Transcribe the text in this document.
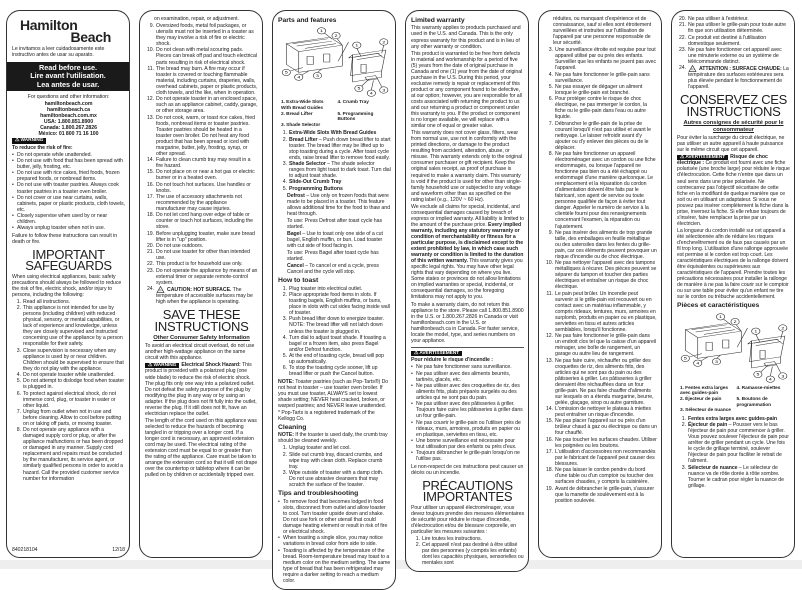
Hamilton
Beach
Le invitamos a leer cuidadosamente este instructivo antes de usar su aparato.
Read before use.
Lire avant l'utilisation.
Lea antes de usar.
For questions and other information:
hamiltonbeach.com
hamiltonbeach.ca
hamiltonbeach.com.mx
USA: 1.800.851.8900
Canada: 1.800.267.2826
México: 01 800 71 16 100
⚠ WARNING
To reduce the risk of fire:
• Do not operate while unattended.
• Do not use with food that has been spread with butter, jelly, frosting, etc.
• Do not use with rice cakes, fried foods, frozen prepared foods, or nonbread items.
• Do not use with toaster pastries. Always cook toaster pastries in a toaster oven broiler.
• Do not cover or use near curtains, walls, cabinets, paper or plastic products, cloth towels, etc.
• Closely supervise when used by or near children.
• Always unplug toaster when not in use.
Failure to follow these instructions can result in death or fire.
IMPORTANT SAFEGUARDS
When using electrical appliances, basic safety precautions should always be followed to reduce the risk of fire, electric shock, and/or injury to persons, including the following:
1. Read all instructions.
2. This appliance is not intended for use by persons (including children) with reduced physical, sensory, or mental capabilities, or lack of experience and knowledge, unless they are closely supervised and instructed concerning use of the appliance by a person responsible for their safety.
3. Close supervision is necessary when any appliance is used by or near children. Children should be supervised to ensure that they do not play with the appliance.
4. Do not operate toaster while unattended.
5. Do not attempt to dislodge food when toaster is plugged in.
6. To protect against electrical shock, do not immerse cord, plug, or toaster in water or other liquid.
7. Unplug from outlet when not in use and before cleaning. Allow to cool before putting on or taking off parts, or moving toaster.
8. Do not operate any appliance with a damaged supply cord or plug, or after the appliance malfunctions or has been dropped or damaged in any manner. Supply cord replacement and repairs must be conducted by the manufacturer, its service agent, or similarly qualified persons in order to avoid a hazard. Call the provided customer service number for information
840218104	12/18
on examination, repair, or adjustment.
9. Oversized foods, metal foil packages, or utensils must not be inserted in a toaster as they may involve a risk of fire or electric shock.
10. Do not clean with metal scouring pads. Pieces can break off pad and touch electrical parts resulting in risk of electrical shock.
11. The bread may burn. A fire may occur if toaster is covered or touching flammable material, including curtains, draperies, walls, overhead cabinets, paper or plastic products, cloth towels, and the like, when in operation.
12. Do not operate toaster in an enclosed space, such as an appliance cabinet, caddy, garage, or other storage area.
13. Do not cook, warm, or toast rice cakes, fried foods, nonbread items or toaster pastries. Toaster pastries should be heated in a toaster oven broiler. Do not heat any food product that has been spread or iced with margarine, butter, jelly, frosting, syrup, or other spread.
14. Failure to clean crumb tray may result in a fire hazard.
15. Do not place on or near a hot gas or electric burner or in a heated oven.
16. Do not touch hot surfaces. Use handles or knobs.
17. The use of accessory attachments not recommended by the appliance manufacturer may cause injuries.
18. Do not let cord hang over edge of table or counter or touch hot surfaces, including the stove.
19. Before unplugging toaster, make sure bread lifter is in "up" position.
20. Do not use outdoors.
21. Do not use toaster for other than intended use.
22. This product is for household use only.
23. Do not operate the appliance by means of an external timer or separate remote-control system.
24.	CAUTION: HOT SURFACE. The temperature of accessible surfaces may be high when the appliance is operating.
SAVE THESE INSTRUCTIONS
Other Consumer Safety Information
To avoid an electrical circuit overload, do not use another high-wattage appliance on the same circuit with this appliance.
⚠ WARNING Electrical Shock Hazard: This product is provided with a polarized plug (one wide blade) to reduce the risk of electric shock. The plug fits only one way into a polarized outlet. Do not defeat the safety purpose of the plug by modifying the plug in any way or by using an adapter. If the plug does not fit fully into the outlet, reverse the plug. If it still does not fit, have an electrician replace the outlet.
The length of the cord used on this appliance was selected to reduce the hazards of becoming tangled in or tripping over a longer cord. If a longer cord is necessary, an approved extension cord may be used. The electrical rating of the extension cord must be equal to or greater than the rating of the appliance. Care must be taken to arrange the extension cord so that it will not drape over the countertop or tabletop where it can be pulled on by children or accidentally tripped over.
Parts and features
1
2
5
4	3
1
2
5
4
3
1. Extra-Wide Slots With Bread Guides
4. Crumb Tray
2. Bread Lifter	5. Programming Buttons
3. Shade Selector
1. Extra-Wide Slots With Bread Guides
2. Bread Lifter – Push down bread lifter to start toaster. The bread lifter may be lifted up to stop toasting during a cycle. After toast cycle ends, raise bread lifter to remove food easily.
3. Shade Selector – The shade selector ranges from light toast to dark toast. Turn dial to adjust toast shade.
4. Slide-Out Crumb Tray
5. Programming Buttons
Defrost – Use only on frozen foods that were made to be placed in a toaster. This feature allows additional time for the food to thaw and heat through.
To use: Press Defrost after toast cycle has started.
Bagel – Use to toast only one side of a cut bagel, English muffin, or bun. Load toaster with cut side of food facing in.
To use: Press Bagel after toast cycle has started.
Cancel – To cancel or end a cycle, press Cancel and the cycle will stop.
How to toast
1. Plug toaster into electrical outlet.
2. Place appropriate food items in slots. If toasting bagels, English muffins, or buns, place in slots with cut sides facing inside wall of toaster.
3. Push bread lifter down to energize toaster. NOTE: The bread lifter will not latch down unless the toaster is plugged in.
4. Turn dial to adjust toast shade. If toasting a bagel or a frozen item, also press Bagel and/or Defrost function.
5. At the end of toasting cycle, bread will pop up automatically.
6. To stop the toasting cycle sooner, lift up bread lifter or push the Cancel button.
NOTE: Toaster pastries (such as Pop-Tarts®) Do not heat in toaster – use toaster oven broiler. If you must use toaster, ALWAYS set to lowest shade setting; NEVER heat cracked, broken, or warped pastries; and NEVER leave unattended.
* Pop-Tarts is a registered trademark of the Kellogg Co.
Cleaning
NOTE: If the toaster is used daily, the crumb tray should be cleaned weekly.
1. Unplug toaster and let cool.
2. Slide out crumb tray, discard crumbs, and wipe tray with clean cloth. Replace crumb tray.
3. Wipe outside of toaster with a damp cloth. Do not use abrasive cleansers that may scratch the surface of the toaster.
Tips and troubleshooting
• To remove food that becomes lodged in food slots, disconnect from outlet and allow toaster to cool. Turn toaster upside down and shake. Do not use fork or other utensil that could damage heating element or result in risk of fire or electrical shock.
• When toasting a single slice, you may notice variations in bread color from side to side.
• Toasting is affected by the temperature of the bread. Room-temperature bread may toast to a medium color on the medium setting. The same type of bread that has been refrigerated may require a darker setting to reach a medium color.
Limited warranty
This warranty applies to products purchased and used in the U.S. and Canada. This is the only express warranty for this product and is in lieu of any other warranty or condition.
This product is warranted to be free from defects in material and workmanship for a period of five (5) years from the date of original purchase in Canada and one (1) year from the date of original purchase in the U.S. During this period, your exclusive remedy is repair or replacement of this product or any component found to be defective, at our option; however, you are responsible for all costs associated with returning the product to us and our returning a product or component under this warranty to you. If the product or component is no longer available, we will replace with a similar one of equal or greater value.
This warranty does not cover glass, filters, wear from normal use, use not in conformity with the printed directions, or damage to the product resulting from accident, alteration, abuse, or misuse. This warranty extends only to the original consumer purchaser or gift recipient. Keep the original sales receipt, as proof of purchase is required to make a warranty claim. This warranty is void if the product is used for other than single-family household use or subjected to any voltage and waveform other than as specified on the rating label (e.g., 120V ~ 60 Hz).
We exclude all claims for special, incidental, and consequential damages caused by breach of express or implied warranty. All liability is limited to the amount of the purchase price. Every implied warranty, including any statutory warranty or condition of merchantability or fitness for a particular purpose, is disclaimed except to the extent prohibited by law, in which case such warranty or condition is limited to the duration of this written warranty. This warranty gives you specific legal rights. You may have other legal rights that vary depending on where you live. Some states or provinces do not allow limitations on implied warranties or special, incidental, or consequential damages, so the foregoing limitations may not apply to you.
To make a warranty claim, do not return this appliance to the store. Please call 1.800.851.8900 in the U.S. or 1.800.267.2826 in Canada or visit hamiltonbeach.com in the U.S. or hamiltonbeach.ca in Canada. For faster service, locate the model, type, and series numbers on your appliance.
⚠ AVERTISSEMENT
Pour réduire le risque d'incendie :
• Ne pas faire fonctionner sans surveillance.
• Ne pas utiliser avec des aliments beurrés, tartinés, glacés, etc.
• Ne pas utiliser avec des croquettes de riz, des aliments frits, plats préparés surgelés ou des articles qui ne sont pas du pain.
• Ne pas utiliser avec des pâtisseries à griller. Toujours faire cuire les pâtisseries à griller dans un four grille-pain.
• Ne pas couvrir le grille-pain ou l'utiliser près de rideaux, murs, armoires, produits en papier ou en plastique, serviettes en tissu, etc.
• Une bonne surveillance est nécessaire pour tout utilisation par des enfants ou près d'eux.
• Toujours débrancher le grille-pain lorsqu'on ne l'utilise pas.
Le non-respect de ces instructions peut causer un décès ou un incendie.
PRÉCAUTIONS IMPORTANTES
Pour utiliser un appareil électroménager, vous devez toujours prendre des mesures élémentaires de sécurité pour réduire le risque d'incendie, d'électrocution et/ou de blessure corporelle, en particulier les mesures suivantes :
1. Lire toutes les instructions.
2. Cet appareil n'est pas destiné à être utilisé par des personnes (y compris les enfants) dont les capacités physiques, sensorielles ou mentales sont
réduites, ou manquant d'expérience et de connaissance, sauf si elles sont étroitement surveillées et instruites sur l'utilisation de l'appareil par une personne responsable de leur sécurité.
3. Une surveillance étroite est requise pour tout appareil utilisé par ou près des enfants. Surveiller que les enfants ne jouent pas avec l'appareil.
4. Ne pas faire fonctionner le grille-pain sans surveillance.
5. Ne pas essayer de dégager un aliment lorsque le grille-pain est branché.
6. Pour protéger contre le risque de choc électrique, ne pas immerger le cordon, la fiche ou le grille-pain dans l'eau ou autre liquide.
7. Débrancher le grille-pain de la prise de courant lorsqu'il n'est pas utilisé et avant le nettoyage. Le laisser refroidir avant d'y ajouter ou d'y enlever des pièces ou de le déplacer.
8. Ne pas faire fonctionner un appareil électroménager avec un cordon ou une fiche endommagés, ou lorsque l'appareil ne fonctionne pas bien ou a été échappé ou endommagé d'une manière quelconque. Le remplacement et la réparation du cordon d'alimentation doivent être faits par le fabricant, son agent de service ou toute personne qualifiée de façon à éviter tout danger. Appeler le numéro de service à la clientèle fourni pour des renseignements concernant l'examen, la réparation ou l'ajustement.
9. Ne pas insérer des aliments de trop grande taille, des emballages en feuille métallique ou des ustensiles dans les fentes du grille-pain, car ces éléments peuvent provoquer un risque d'incendie ou de choc électrique.
10. Ne pas nettoyer l'appareil avec des tampons métalliques à récurer. Des pièces peuvent se séparer du tampon et toucher des parties électriques et entraîner un risque de choc électrique.
11. Le pain peut brûler. Un incendie peut survenir si le grille-pain est recouvert ou en contact avec un matériau inflammable, y compris rideaux, tentures, murs, armoires en surplomb, produits en papier ou en plastique, serviettes en tissu et autres articles semblables, lorsqu'il fonctionne.
12. Ne pas faire fonctionner le grille-pain dans un endroit clos tel que la caisse d'un appareil ménager, une boîte de rangement, un garage ou autre lieu de rangement.
13. Ne pas faire cuire, réchauffer ou griller des croquettes de riz, des aliments frits, des articles qui ne sont pas du pain ou des pâtisseries à griller. Les pâtisseries à griller devraient être réchauffées dans un four grille-pain. Ne pas faire chauffer d'aliments sur lesquels on a étendu margarine, beurre, gelée, glaçage, sirop ou autre garniture.
14. L'omission de nettoyer le plateau à miettes peut entraîner un risque d'incendie.
15. Ne pas placer l'appareil sur ou près d'un brûleur chaud à gaz ou électrique ou dans un four chauffé.
16. Ne pas toucher les surfaces chaudes. Utiliser les poignées ou les boutons.
17. L'utilisation d'accessoires non recommandés par le fabricant de l'appareil peut causer des blessures.
18. Ne pas laisser le cordon pendre du bord d'une table ou d'un comptoir ou toucher des surfaces chaudes, y compris la cuisinière.
19. Avant de débrancher le grille-pain, s'assurer que la manette de soulèvement est à la position soulevée.
20. Ne pas utiliser à l'extérieur.
21. Ne pas utiliser le grille-pain pour toute autre fin que son utilisation déterminée.
22. Ce produit est destiné à l'utilisation domestique seulement.
23. Ne pas faire fonctionner cet appareil avec une minuterie externe ou un système de télécommande distinct.
24.	ATTENTION : SURFACE CHAUDE: La température des surfaces extérieures sera plus élevée pendant le fonctionnement de l'appareil.
CONSERVEZ CES INSTRUCTIONS
Autres consignes de sécurité pour le consommateur
Pour éviter la surcharge du circuit électrique, ne pas utiliser un autre appareil à haute puissance sur le même circuit que cet appareil.
⚠ AVERTISSEMENT Risque de choc électrique : Ce produit est fourni avec une fiche polarisée (une broche large) pour réduire le risque d'électrocution. Cette fiche n'entre que dans un seul sens dans une prise polarisée. Ne contrecarrez pas l'objectif sécuritaire de cette fiche en la modifiant de quelque manière que ce soit ou en utilisant un adaptateur. Si vous ne pouvez pas insérer complètement la fiche dans la prise, inversez la fiche. Si elle refuse toujours de s'insérer, faire remplacer la prise par un électricien.
La longueur du cordon installé sur cet appareil a été sélectionnée afin de réduire les risques d'enchevêtrement ou de faux pas causés par un fil trop long. L'utilisation d'une rallonge approuvée est permise si le cordon est trop court. Les caractéristiques électriques de la rallonge doivent être équivalentes ou supérieures aux caractéristiques de l'appareil. Prendre toutes les précautions nécessaires pour installer la rallonge de manière à ne pas la faire courir sur le comptoir ou sur une table pour éviter qu'un enfant ne tire sur le cordon ou trébuche accidentellement.
Pièces et caractéristiques
1
2
5
4	3
1
2
5
4
3
1. Fentes extra larges avec guides-pain
4. Ramasse-miettes
2. Éjecteur de pain	5. Boutons de programmation
3. Sélecteur de nuance
1. Fentes extra larges avec guides-pain
2. Éjecteur de pain – Pousser vers le bas l'éjecteur de pain pour commencer à griller. Vous pouvez soulever l'éjecteur de pain pour arrêter de griller pendant un cycle. Une fois le cycle de grillage terminé, soulever l'éjecteur de pain pour faciliter le retrait de l'aliment.
3. Sélecteur de nuance – Le sélecteur de nuance va de rôtie dorée à rôtie sombre. Tourner le cadran pour régler la nuance de grillage.
